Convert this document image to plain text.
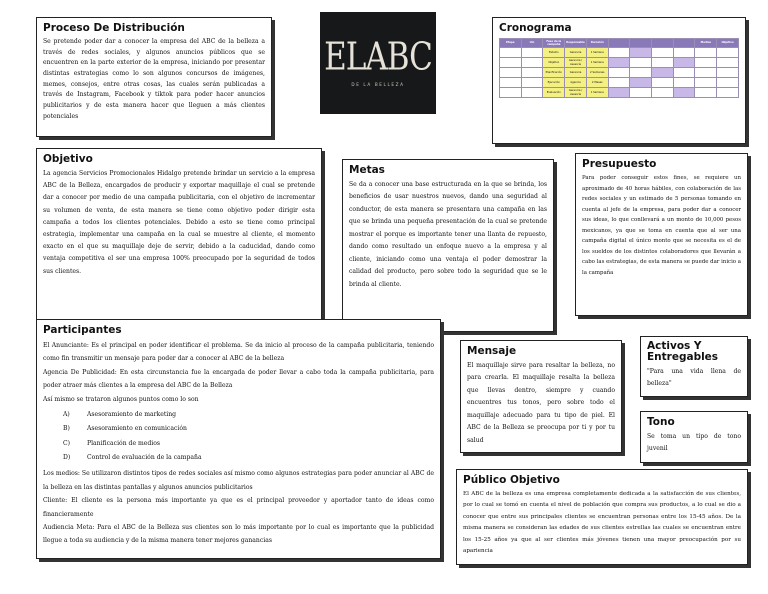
Proceso De Distribución

Se pretende poder dar a conocer la empresa del ABC de la belleza a través de redes sociales, y algunos anuncios públicos que se encuentren en la parte exterior de la empresa, iniciando por presentar distintas estrategias como lo son algunos concursos de imágenes, memes, consejos, entre otras cosas, las cuales serán publicadas a través de Instagram, Facebook y tiktok para poder hacer anuncios publicitarios y de esta manera hacer que lleguen a más clientes potenciales

ELABC
DE LA BELLEZA
Cronograma
Etapa	Ud.	Fase de la campaña	Responsable	Duración					Medios	Objetivo
		Estudio	Gerencia	1 Semana						
		Objetivo	Gerencia / Asesoría	1 Semana						
		Planificación	Gerencia	2 Semanas						
		Ejecución	Agencia	2 Meses						
		Evaluación	Gerencia / Asesoría	1 Semana						
Objetivo

La agencia Servicios Promocionales Hidalgo pretende brindar un servicio a la empresa ABC de la Belleza, encargados de producir y exportar maquillaje el cual se pretende dar a conocer por medio de una campaña publicitaria, con el objetivo de incrementar su volumen de venta, de esta manera se tiene como objetivo poder dirigir esta campaña a todos los clientes potenciales. Debido a esto se tiene como principal estrategia, implementar una campaña en la cual se muestre al cliente, el momento exacto en el que su maquillaje deje de servir, debido a la caducidad, dando como ventaja competitiva el ser una empresa 100% preocupado por la seguridad de todos sus clientes.

Metas

Se da a conocer una base estructurada en la que se brinda, los beneficios de usar nuestros nuevos, dando una seguridad al conductor, de esta manera se presentara una campaña en las que se brinda una pequeña presentación de la cual se pretende mostrar el porque es importante tener una llanta de repuesto, dando como resultado un enfoque nuevo a la empresa y al cliente, iniciando como una ventaja el poder demostrar la calidad del producto, pero sobre todo la seguridad que se le brinda al cliente.

Presupuesto

Para poder conseguir estos fines, se requiere un aproximado de 40 horas hábiles, con colaboración de las redes sociales y un estimado de 5 personas tomando en cuenta al jefe de la empresa, para poder dar a conocer sus ideas, lo que conllevará a un monto de 10,000 pesos mexicanos, ya que se toma en cuenta que al ser una campaña digital el único monto que se necesita es el de los sueldos de los distintos colaboradores que llevarán a cabo las estrategias, de esta manera se puede dar inicio a la campaña

Participantes

El Anunciante: Es el principal en poder identificar el problema. Se da inicio al proceso de la campaña publicitaria, teniendo como fin transmitir un mensaje para poder dar a conocer al ABC de la belleza

Agencia De Publicidad: En esta circunstancia fue la encargada de poder llevar a cabo toda la campaña publicitaria, para poder atraer más clientes a la empresa del ABC de la Belleza

Así mismo se trataron algunos puntos como lo son

A)	Asesoramiento de marketing
B)	Asesoramiento en comunicación
C)	Planificación de medios
D)	Control de evaluación de la campaña

Los medios: Se utilizaron distintos tipos de redes sociales así mismo como algunos estrategias para poder anunciar al ABC de la belleza en las distintas pantallas y algunos anuncios publicitarios

Cliente: El cliente es la persona más importante ya que es el principal proveedor y aportador tanto de ideas como financieramente

Audiencia Meta: Para el ABC de la Belleza sus clientes son lo más importante por lo cual es importante que la publicidad llegue a toda su audiencia y de la misma manera tener mejores ganancias

Mensaje

El maquillaje sirve para resaltar la belleza, no para crearla. El maquillaje resalta la belleza que llevas dentro, siempre y cuando encuentres tus tonos, pero sobre todo el maquillaje adecuado para tu tipo de piel. El ABC de la Belleza se preocupa por ti y por tu salud

Activos Y Entregables

"Para una vida llena de belleza"

Tono

Se toma un tipo de tono juvenil

Público Objetivo

El ABC de la belleza es una empresa completamente dedicada a la satisfacción de sus clientes, por lo cual se tomó en cuenta el nivel de población que compra sus productos, a lo cual se dio a conocer que entre sus principales clientes se encuentran personas entre los 15-45 años. De la misma manera se consideran las edades de sus clientes estrellas las cuales se encuentran entre los 15-25 años ya que al ser clientes más jóvenes tienen una mayor preocupación por su apariencia
